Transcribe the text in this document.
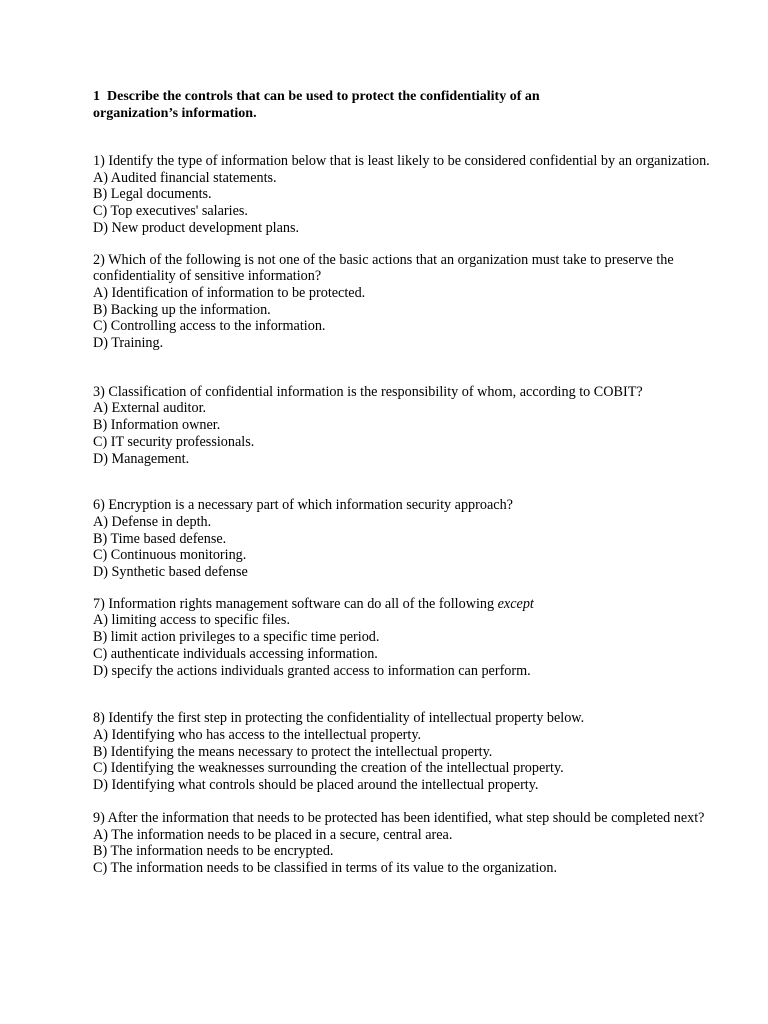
1 Describe the controls that can be used to protect the confidentiality of an organization’s information.

1) Identify the type of information below that is least likely to be considered confidential by an organization.

A) Audited financial statements.

B) Legal documents.

C) Top executives' salaries.

D) New product development plans.

2) Which of the following is not one of the basic actions that an organization must take to preserve the confidentiality of sensitive information?

A) Identification of information to be protected.

B) Backing up the information.

C) Controlling access to the information.

D) Training.

3) Classification of confidential information is the responsibility of whom, according to COBIT?

A) External auditor.

B) Information owner.

C) IT security professionals.

D) Management.

6) Encryption is a necessary part of which information security approach?

A) Defense in depth.

B) Time based defense.

C) Continuous monitoring.

D) Synthetic based defense

7) Information rights management software can do all of the following except

A) limiting access to specific files.

B) limit action privileges to a specific time period.

C) authenticate individuals accessing information.

D) specify the actions individuals granted access to information can perform.

8) Identify the first step in protecting the confidentiality of intellectual property below.

A) Identifying who has access to the intellectual property.

B) Identifying the means necessary to protect the intellectual property.

C) Identifying the weaknesses surrounding the creation of the intellectual property.

D) Identifying what controls should be placed around the intellectual property.

9) After the information that needs to be protected has been identified, what step should be completed next?

A) The information needs to be placed in a secure, central area.

B) The information needs to be encrypted.

C) The information needs to be classified in terms of its value to the organization.
